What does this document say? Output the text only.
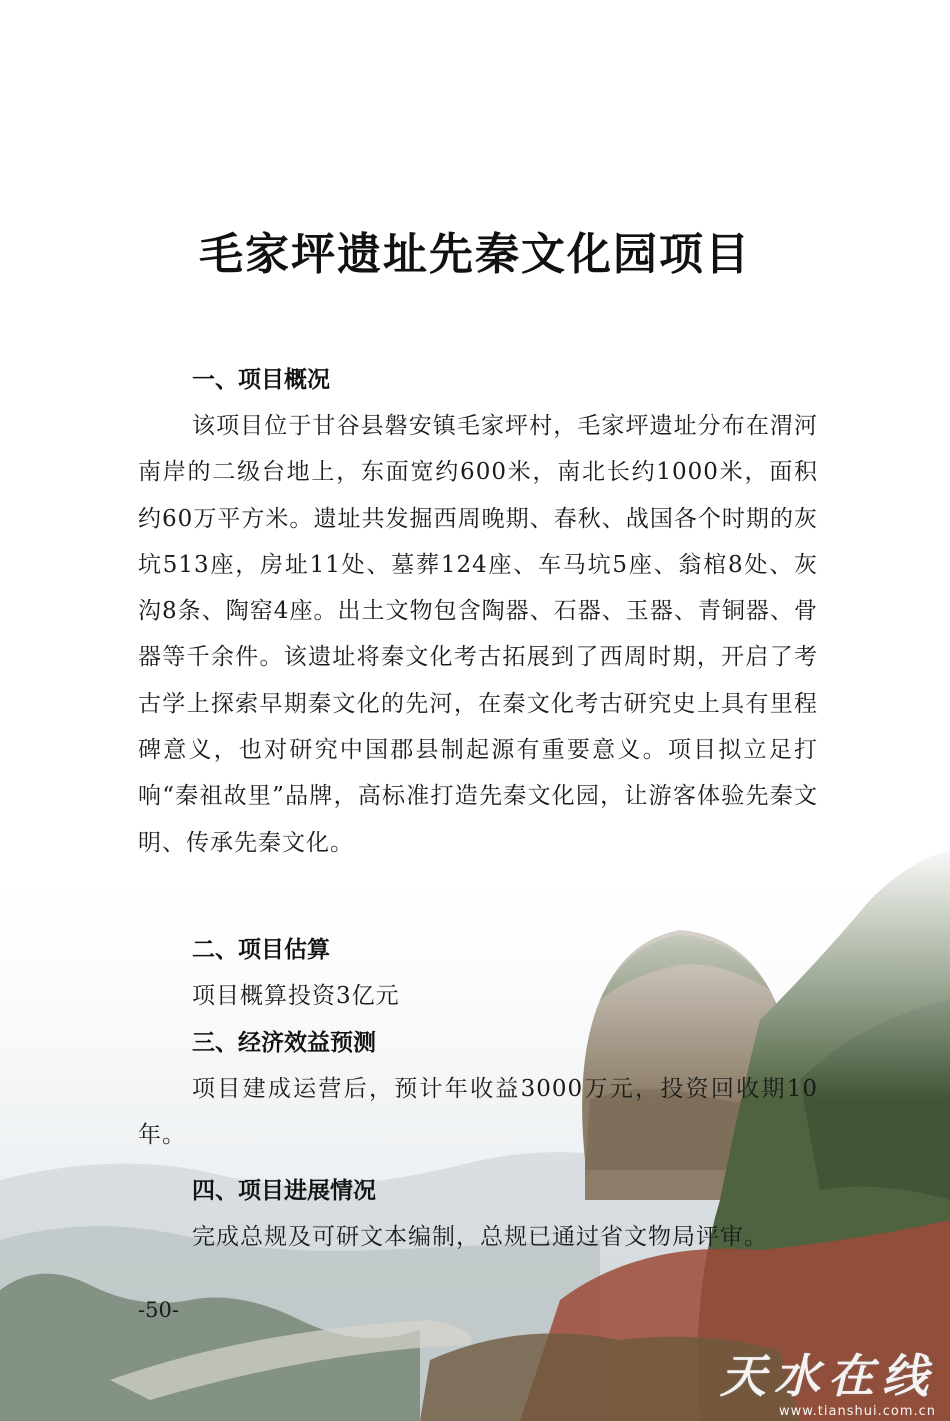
毛家坪遗址先秦文化园项目
一、项目概况
该项目位于甘谷县磐安镇毛家坪村，毛家坪遗址分布在渭河南岸的二级台地上，东面宽约600米，南北长约1000米，面积约60万平方米。遗址共发掘西周晚期、春秋、战国各个时期的灰坑513座，房址11处、墓葬124座、车马坑5座、翁棺8处、灰沟8条、陶窑4座。出土文物包含陶器、石器、玉器、青铜器、骨器等千余件。该遗址将秦文化考古拓展到了西周时期，开启了考古学上探索早期秦文化的先河，在秦文化考古研究史上具有里程碑意义，也对研究中国郡县制起源有重要意义。项目拟立足打响“秦祖故里”品牌，高标准打造先秦文化园，让游客体验先秦文明、传承先秦文化。
二、项目估算
项目概算投资3亿元
三、经济效益预测
项目建成运营后，预计年收益3000万元，投资回收期10年。
四、项目进展情况
完成总规及可研文本编制，总规已通过省文物局评审。
-50-
天水在线
www.tianshui.com.cn
